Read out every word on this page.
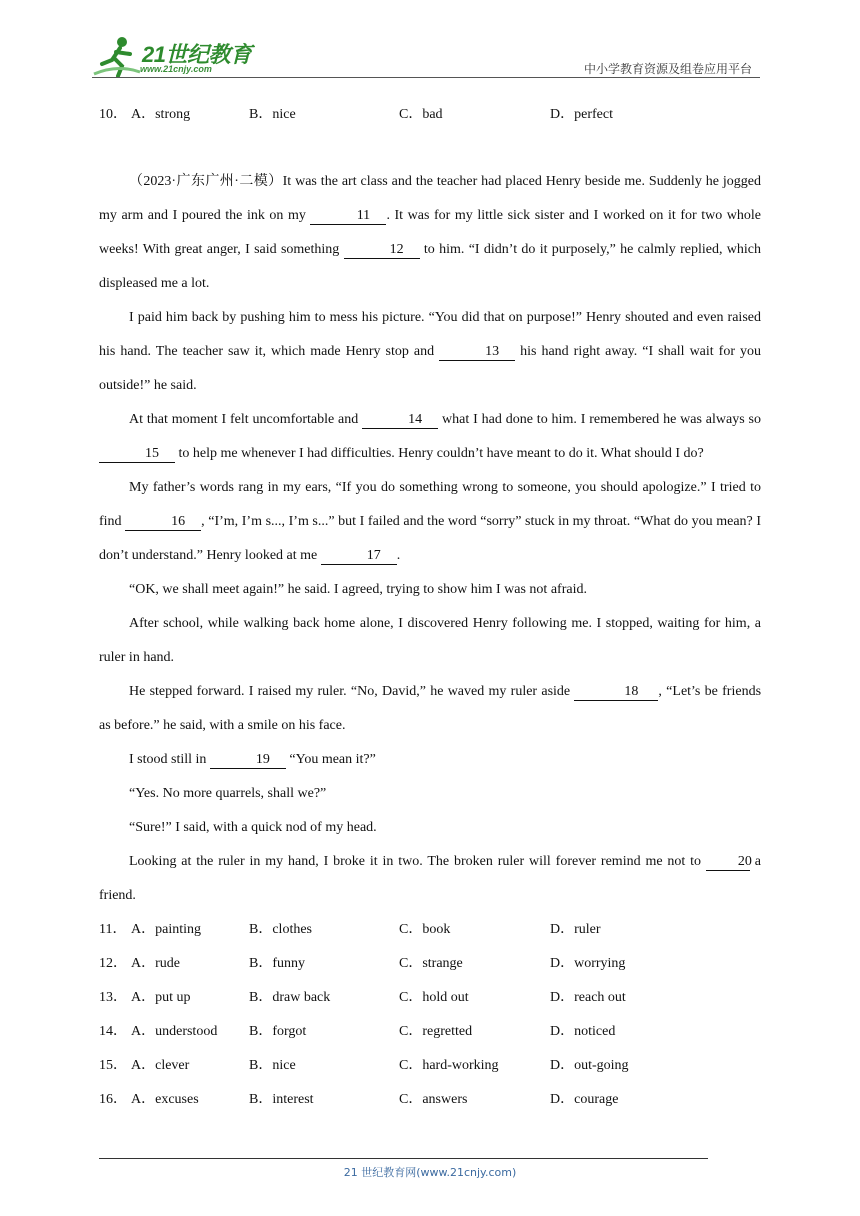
21世纪教育
www.21cnjy.com	中小学教育资源及组卷应用平台
10． A．strong	B．nice	C．bad	D．perfect

（2023·广东广州·二模）It was the art class and the teacher had placed Henry beside me. Suddenly he jogged my arm and I poured the ink on my	11 . It was for my little sick sister and I worked on it for two whole weeks! With great anger, I said something	12 to him. “I didn’t do it purposely,” he calmly replied, which displeased me a lot.

I paid him back by pushing him to mess his picture. “You did that on purpose!” Henry shouted and even raised his hand. The teacher saw it, which made Henry stop and	13 his hand right away. “I shall wait for you outside!” he said.

At that moment I felt uncomfortable and	14 what I had done to him. I remembered he was always so 15 to help me whenever I had difficulties. Henry couldn’t have meant to do it. What should I do?

My father’s words rang in my ears, “If you do something wrong to someone, you should apologize.” I tried to find	16 , “I’m, I’m s..., I’m s...” but I failed and the word “sorry” stuck in my throat. “What do you mean? I don’t understand.” Henry looked at me	17 .

“OK, we shall meet again!” he said. I agreed, trying to show him I was not afraid.

After school, while walking back home alone, I discovered Henry following me. I stopped, waiting for him, a ruler in hand.

He stepped forward. I raised my ruler. “No, David,” he waved my ruler aside	18 , “Let’s be friends as before.” he said, with a smile on his face.

I stood still in	19 “You mean it?”

“Yes. No more quarrels, shall we?”

“Sure!” I said, with a quick nod of my head.

Looking at the ruler in my hand, I broke it in two. The broken ruler will forever remind me not to 20 a friend.

11． A．painting	B．clothes	C．book	D．ruler
12． A．rude	B．funny	C．strange	D．worrying
13． A．put up	B．draw back	C．hold out	D．reach out
14． A．understood B．forgot	C．regretted	D．noticed
15． A．clever	B．nice	C．hard-working	D．out-going
16． A．excuses	B．interest	C．answers	D．courage
21 世纪教育网(www.21cnjy.com)
